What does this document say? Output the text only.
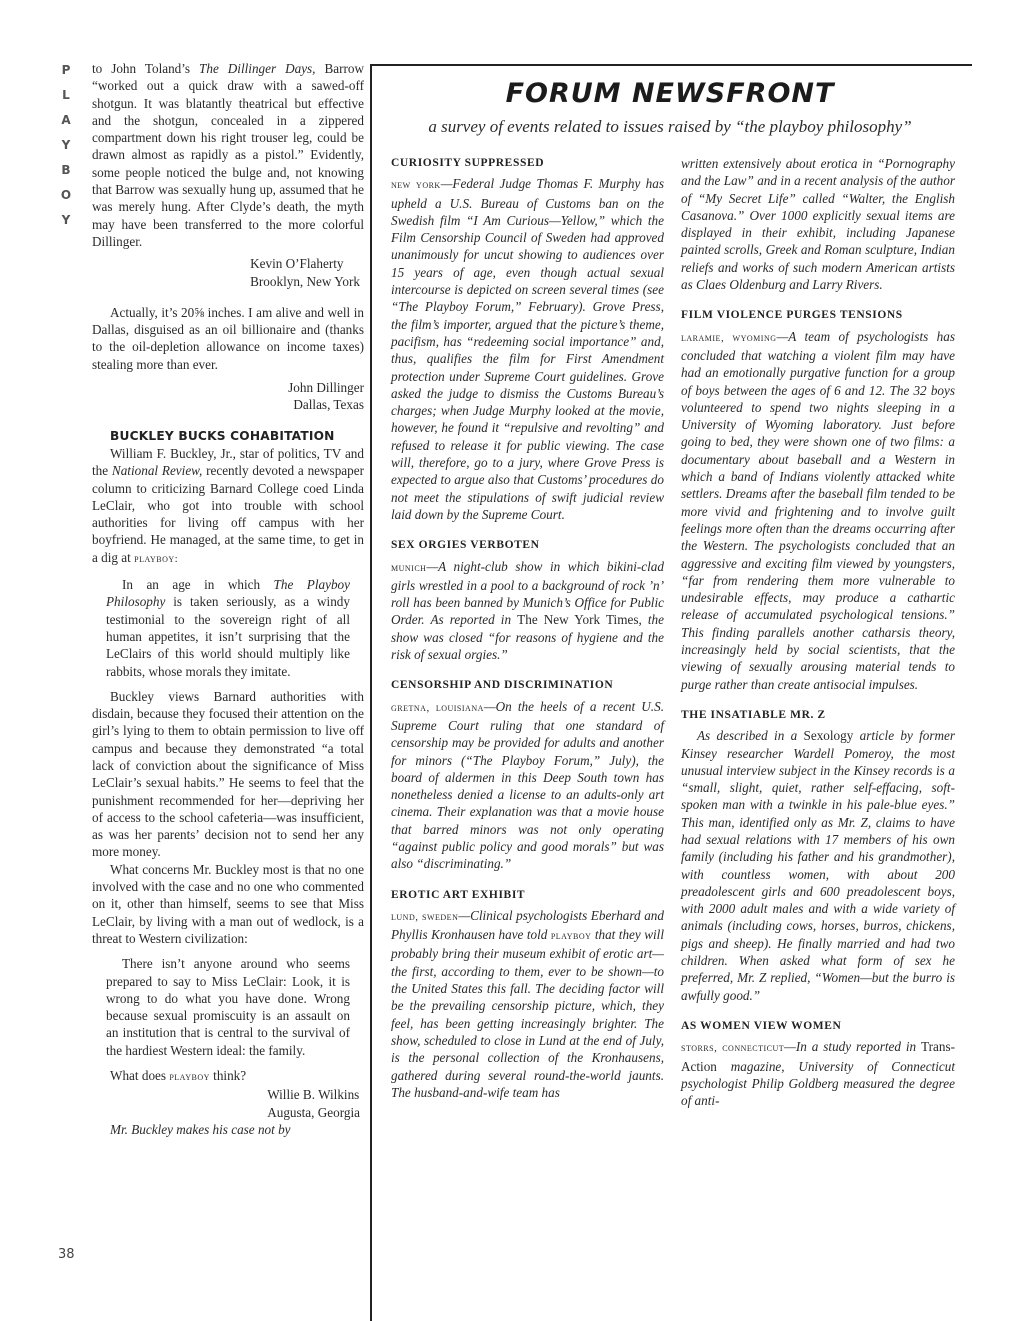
P
L
A
Y
B
O
Y
38

to John Toland’s The Dillinger Days, Barrow “worked out a quick draw with a sawed-off shotgun. It was blatantly theatrical but effective and the shotgun, concealed in a zippered compartment down his right trouser leg, could be drawn almost as rapidly as a pistol.” Evidently, some people noticed the bulge and, not knowing that Barrow was sexually hung up, assumed that he was merely hung. After Clyde’s death, the myth may have been transferred to the more colorful Dillinger.

Kevin O’Flaherty
Brooklyn, New York

Actually, it’s 20⅝ inches. I am alive and well in Dallas, disguised as an oil billionaire and (thanks to the oil-depletion allowance on income taxes) stealing more than ever.

John Dillinger
Dallas, Texas

BUCKLEY BUCKS COHABITATION

William F. Buckley, Jr., star of politics, TV and the National Review, recently devoted a newspaper column to criticizing Barnard College coed Linda LeClair, who got into trouble with school authorities for living off campus with her boyfriend. He managed, at the same time, to get in a dig at playboy:

In an age in which The Playboy Philosophy is taken seriously, as a windy testimonial to the sovereign right of all human appetites, it isn’t surprising that the LeClairs of this world should multiply like rabbits, whose morals they imitate.

Buckley views Barnard authorities with disdain, because they focused their attention on the girl’s lying to them to obtain permission to live off campus and because they demonstrated “a total lack of conviction about the significance of Miss LeClair’s sexual habits.” He seems to feel that the punishment recommended for her—depriving her of access to the school cafeteria—was insufficient, as was her parents’ decision not to send her any more money.

What concerns Mr. Buckley most is that no one involved with the case and no one who commented on it, other than himself, seems to see that Miss LeClair, by living with a man out of wedlock, is a threat to Western civilization:

There isn’t anyone around who seems prepared to say to Miss LeClair: Look, it is wrong to do what you have done. Wrong because sexual promiscuity is an assault on an institution that is central to the survival of the hardiest Western ideal: the family.

What does playboy think?

Willie B. Wilkins
Augusta, Georgia

Mr. Buckley makes his case not by

FORUM NEWSFRONT
a survey of events related to issues raised by “the playboy philosophy”

CURIOSITY SUPPRESSED

new york—Federal Judge Thomas F. Murphy has upheld a U.S. Bureau of Customs ban on the Swedish film “I Am Curious—Yellow,” which the Film Censorship Council of Sweden had approved unanimously for uncut showing to audiences over 15 years of age, even though actual sexual intercourse is depicted on screen several times (see “The Playboy Forum,” February). Grove Press, the film’s importer, argued that the picture’s theme, pacifism, has “redeeming social importance” and, thus, qualifies the film for First Amendment protection under Supreme Court guidelines. Grove asked the judge to dismiss the Customs Bureau’s charges; when Judge Murphy looked at the movie, however, he found it “repulsive and revolting” and refused to release it for public viewing. The case will, therefore, go to a jury, where Grove Press is expected to argue also that Customs’ procedures do not meet the stipulations of swift judicial review laid down by the Supreme Court.

SEX ORGIES VERBOTEN

munich—A night-club show in which bikini-clad girls wrestled in a pool to a background of rock ’n’ roll has been banned by Munich’s Office for Public Order. As reported in The New York Times, the show was closed “for reasons of hygiene and the risk of sexual orgies.”

CENSORSHIP AND DISCRIMINATION

gretna, louisiana—On the heels of a recent U.S. Supreme Court ruling that one standard of censorship may be provided for adults and another for minors (“The Playboy Forum,” July), the board of aldermen in this Deep South town has nonetheless denied a license to an adults-only art cinema. Their explanation was that a movie house that barred minors was not only operating “against public policy and good morals” but was also “discriminating.”

EROTIC ART EXHIBIT

lund, sweden—Clinical psychologists Eberhard and Phyllis Kronhausen have told playboy that they will probably bring their museum exhibit of erotic art—the first, according to them, ever to be shown—to the United States this fall. The deciding factor will be the prevailing censorship picture, which, they feel, has been getting increasingly brighter. The show, scheduled to close in Lund at the end of July, is the personal collection of the Kronhausens, gathered during several round-the-world jaunts. The husband-and-wife team has

written extensively about erotica in “Pornography and the Law” and in a recent analysis of the author of “My Secret Life” called “Walter, the English Casanova.” Over 1000 explicitly sexual items are displayed in their exhibit, including Japanese painted scrolls, Greek and Roman sculpture, Indian reliefs and works of such modern American artists as Claes Oldenburg and Larry Rivers.

FILM VIOLENCE PURGES TENSIONS

laramie, wyoming—A team of psychologists has concluded that watching a violent film may have had an emotionally purgative function for a group of boys between the ages of 6 and 12. The 32 boys volunteered to spend two nights sleeping in a University of Wyoming laboratory. Just before going to bed, they were shown one of two films: a documentary about baseball and a Western in which a band of Indians violently attacked white settlers. Dreams after the baseball film tended to be more vivid and frightening and to involve guilt feelings more often than the dreams occurring after the Western. The psychologists concluded that an aggressive and exciting film viewed by youngsters, “far from rendering them more vulnerable to undesirable effects, may produce a cathartic release of accumulated psychological tensions.” This finding parallels another catharsis theory, increasingly held by social scientists, that the viewing of sexually arousing material tends to purge rather than create antisocial impulses.

THE INSATIABLE MR. Z

As described in a Sexology article by former Kinsey researcher Wardell Pomeroy, the most unusual interview subject in the Kinsey records is a “small, slight, quiet, rather self-effacing, soft-spoken man with a twinkle in his pale-blue eyes.” This man, identified only as Mr. Z, claims to have had sexual relations with 17 members of his own family (including his father and his grandmother), with countless women, with about 200 preadolescent girls and 600 preadolescent boys, with 2000 adult males and with a wide variety of animals (including cows, horses, burros, chickens, pigs and sheep). He finally married and had two children. When asked what form of sex he preferred, Mr. Z replied, “Women—but the burro is awfully good.”

AS WOMEN VIEW WOMEN

storrs, connecticut—In a study reported in Trans-Action magazine, University of Connecticut psychologist Philip Goldberg measured the degree of anti-
